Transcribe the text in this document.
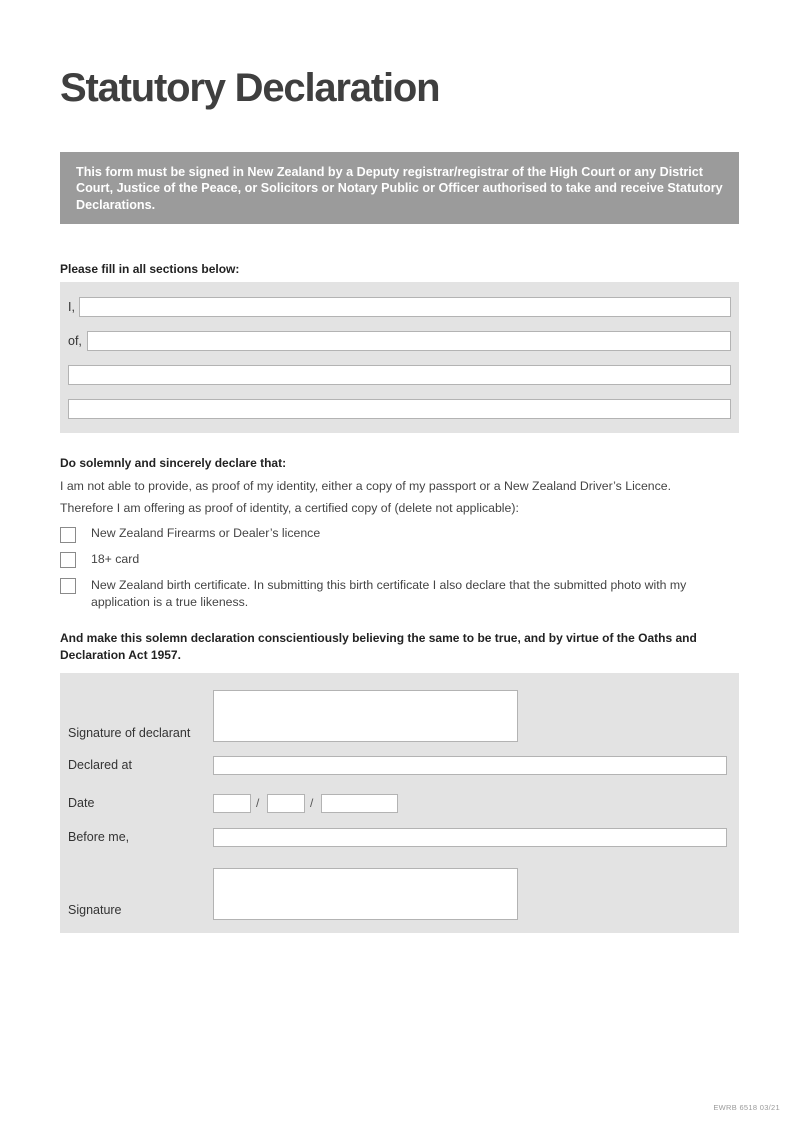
Statutory Declaration
This form must be signed in New Zealand by a Deputy registrar/registrar of the High Court or any District Court, Justice of the Peace, or Solicitors or Notary Public or Officer authorised to take and receive Statutory Declarations.
Please fill in all sections below:
I,
of,
Do solemnly and sincerely declare that:
I am not able to provide, as proof of my identity, either a copy of my passport or a New Zealand Driver’s Licence.
Therefore I am offering as proof of identity, a certified copy of (delete not applicable):
New Zealand Firearms or Dealer’s licence
18+ card
New Zealand birth certificate. In submitting this birth certificate I also declare that the submitted photo with my application is a true likeness.
And make this solemn declaration conscientiously believing the same to be true, and by virtue of the Oaths and Declaration Act 1957.
Signature of declarant
Declared at
Date	/	/
Before me,
Signature
EWRB 6518 03/21
